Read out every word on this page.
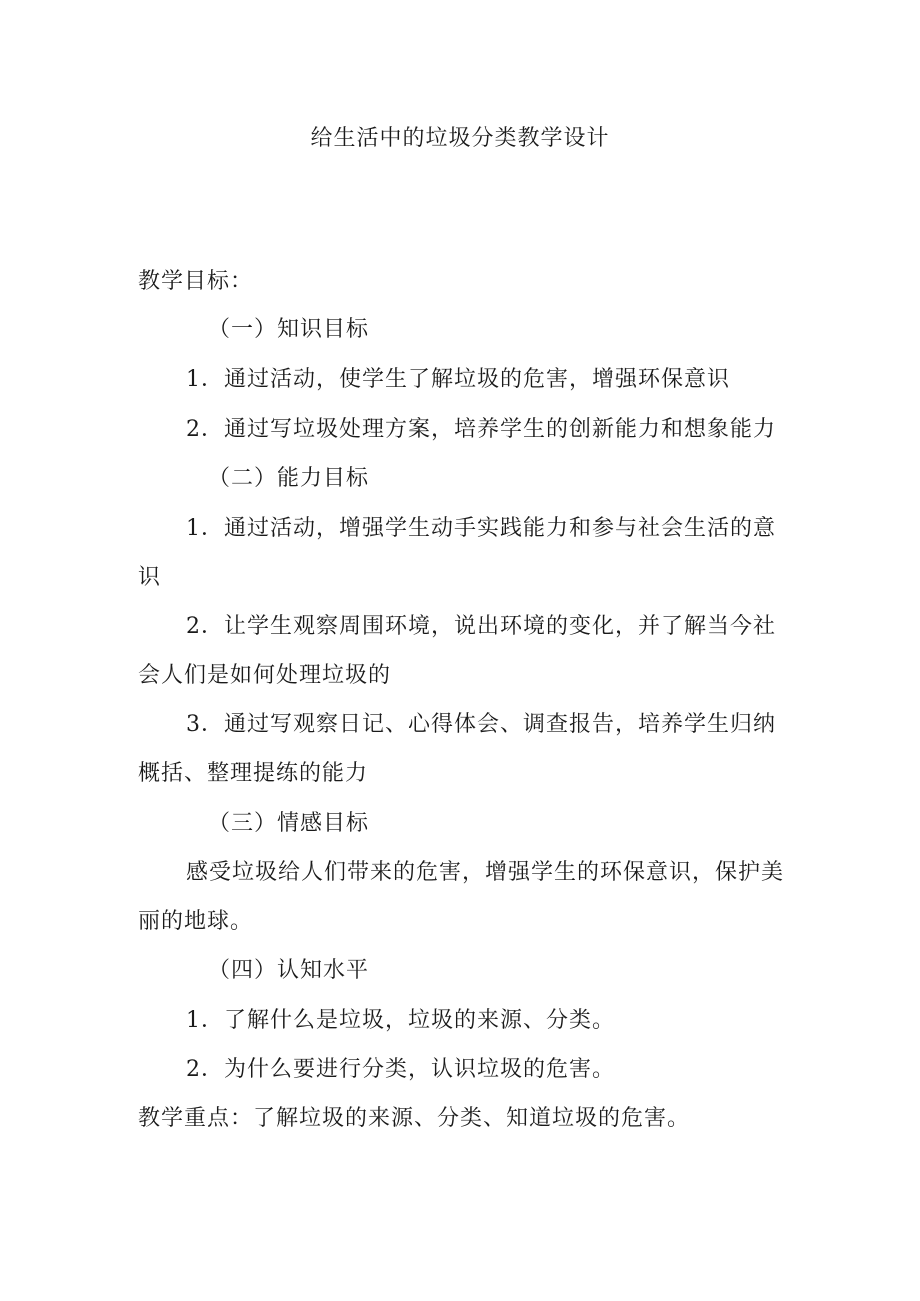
给生活中的垃圾分类教学设计
教学目标：
（一）知识目标
1．通过活动，使学生了解垃圾的危害，增强环保意识
2．通过写垃圾处理方案，培养学生的创新能力和想象能力
（二）能力目标
1．通过活动，增强学生动手实践能力和参与社会生活的意
识
2．让学生观察周围环境，说出环境的变化，并了解当今社
会人们是如何处理垃圾的
3．通过写观察日记、心得体会、调查报告，培养学生归纳
概括、整理提练的能力
（三）情感目标
感受垃圾给人们带来的危害，增强学生的环保意识，保护美
丽的地球。
（四）认知水平
1．了解什么是垃圾，垃圾的来源、分类。
2．为什么要进行分类，认识垃圾的危害。
教学重点：了解垃圾的来源、分类、知道垃圾的危害。
